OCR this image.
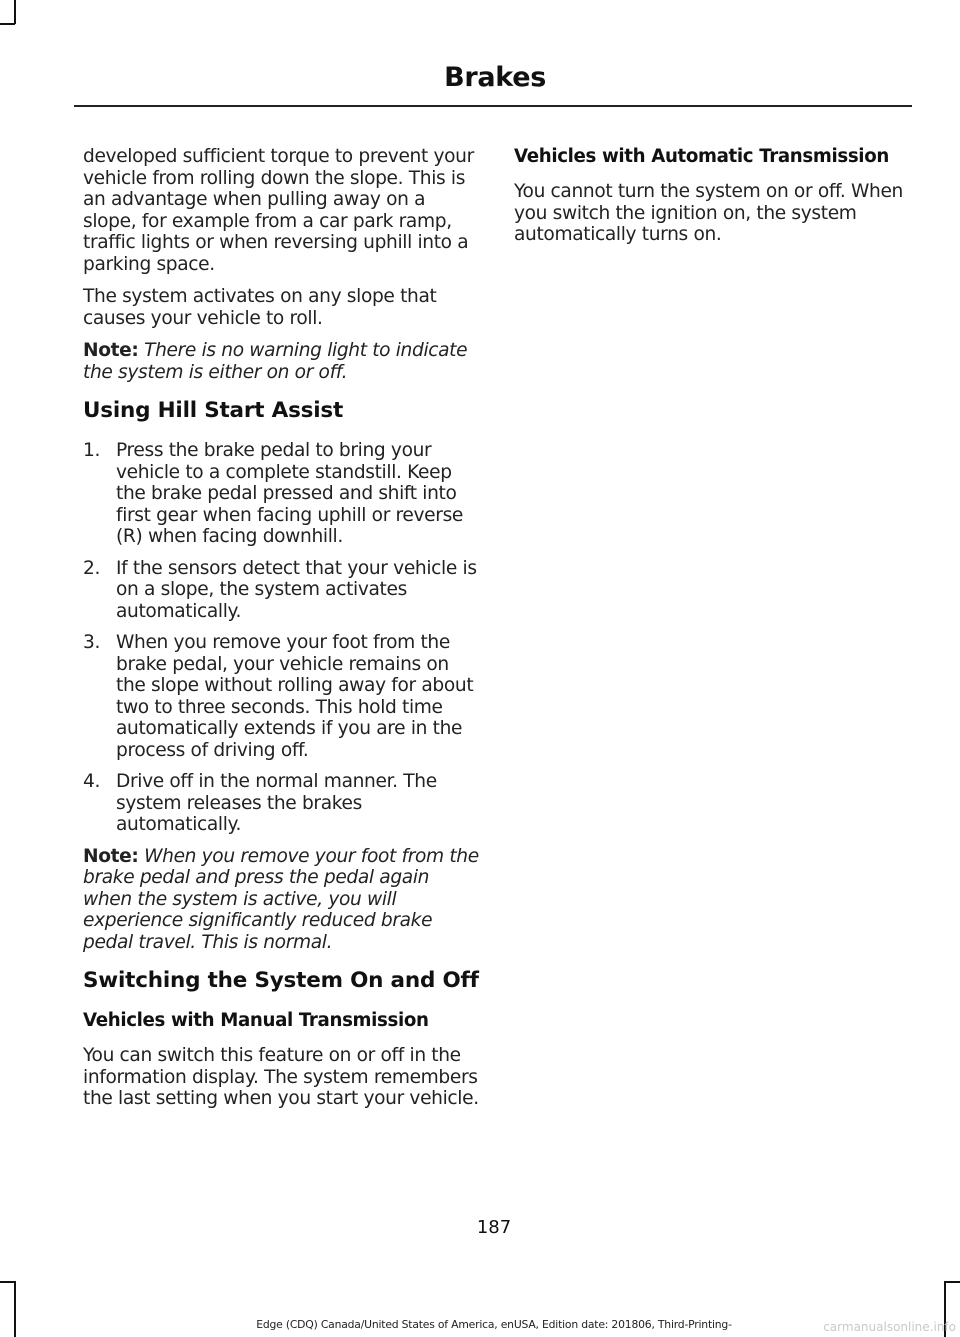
Brakes

developed sufficient torque to prevent your vehicle from rolling down the slope. This is an advantage when pulling away on a slope, for example from a car park ramp, traffic lights or when reversing uphill into a parking space.

The system activates on any slope that causes your vehicle to roll.

Note: There is no warning light to indicate the system is either on or off.

Using Hill Start Assist
1. Press the brake pedal to bring your vehicle to a complete standstill. Keep the brake pedal pressed and shift into first gear when facing uphill or reverse (R) when facing downhill.
2. If the sensors detect that your vehicle is on a slope, the system activates automatically.
3. When you remove your foot from the brake pedal, your vehicle remains on the slope without rolling away for about two to three seconds. This hold time automatically extends if you are in the process of driving off.
4. Drive off in the normal manner. The system releases the brakes automatically.

Note: When you remove your foot from the brake pedal and press the pedal again when the system is active, you will experience significantly reduced brake pedal travel. This is normal.

Switching the System On and Off
Vehicles with Manual Transmission

You can switch this feature on or off in the information display. The system remembers the last setting when you start your vehicle.

Vehicles with Automatic Transmission

You cannot turn the system on or off. When you switch the ignition on, the system automatically turns on.

187
Edge (CDQ) Canada/United States of America, enUSA, Edition date: 201806, Third-Printing-	carmanualsonline.info
